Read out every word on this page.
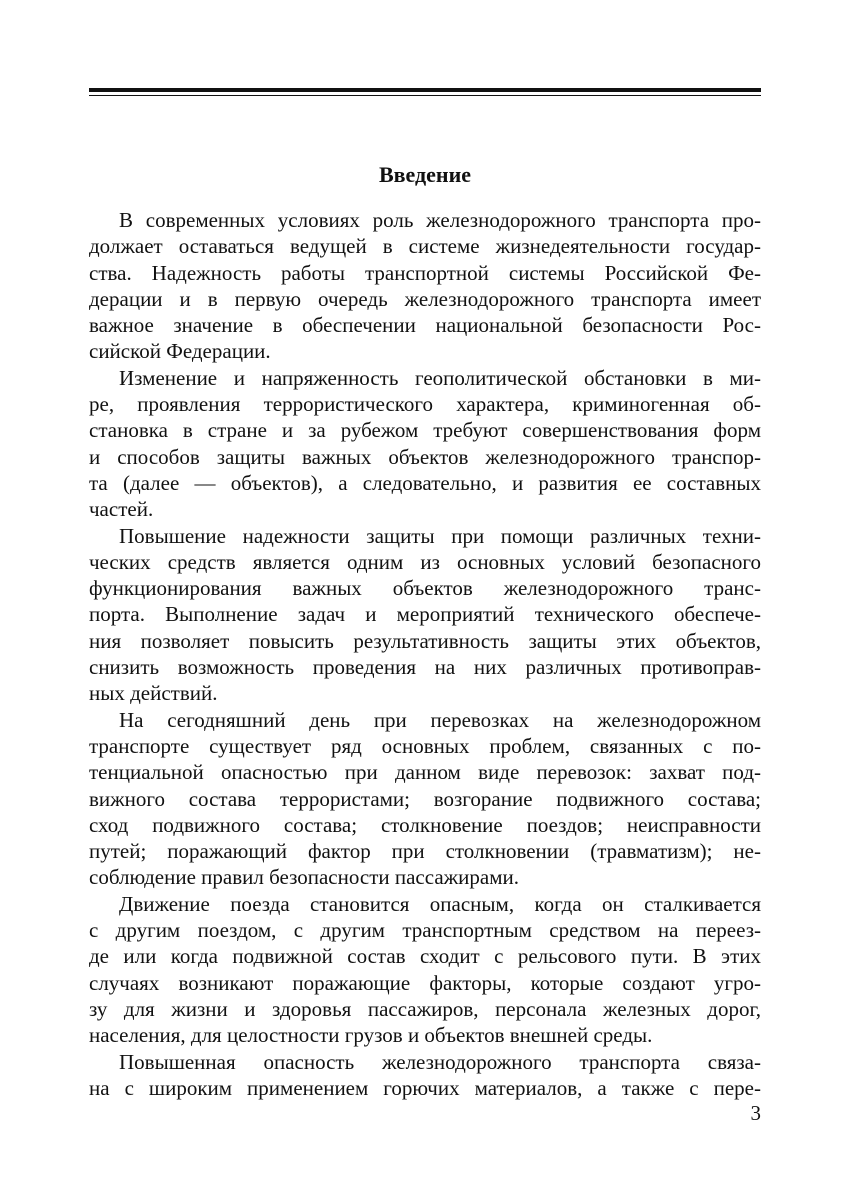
Введение
В современных условиях роль железнодорожного транспорта про-
должает оставаться ведущей в системе жизнедеятельности государ-
ства. Надежность работы транспортной системы Российской Фе-
дерации и в первую очередь железнодорожного транспорта имеет
важное значение в обеспечении национальной безопасности Рос-
сийской Федерации.
Изменение и напряженность геополитической обстановки в ми-
ре, проявления террористического характера, криминогенная об-
становка в стране и за рубежом требуют совершенствования форм
и способов защиты важных объектов железнодорожного транспор-
та (далее — объектов), а следовательно, и развития ее составных
частей.
Повышение надежности защиты при помощи различных техни-
ческих средств является одним из основных условий безопасного
функционирования важных объектов железнодорожного транс-
порта. Выполнение задач и мероприятий технического обеспече-
ния позволяет повысить результативность защиты этих объектов,
снизить возможность проведения на них различных противоправ-
ных действий.
На сегодняшний день при перевозках на железнодорожном
транспорте существует ряд основных проблем, связанных с по-
тенциальной опасностью при данном виде перевозок: захват под-
вижного состава террористами; возгорание подвижного состава;
сход подвижного состава; столкновение поездов; неисправности
путей; поражающий фактор при столкновении (травматизм); не-
соблюдение правил безопасности пассажирами.
Движение поезда становится опасным, когда он сталкивается
с другим поездом, с другим транспортным средством на переез-
де или когда подвижной состав сходит с рельсового пути. В этих
случаях возникают поражающие факторы, которые создают угро-
зу для жизни и здоровья пассажиров, персонала железных дорог,
населения, для целостности грузов и объектов внешней среды.
Повышенная опасность железнодорожного транспорта связа-
на с широким применением горючих материалов, а также с пере-
3
